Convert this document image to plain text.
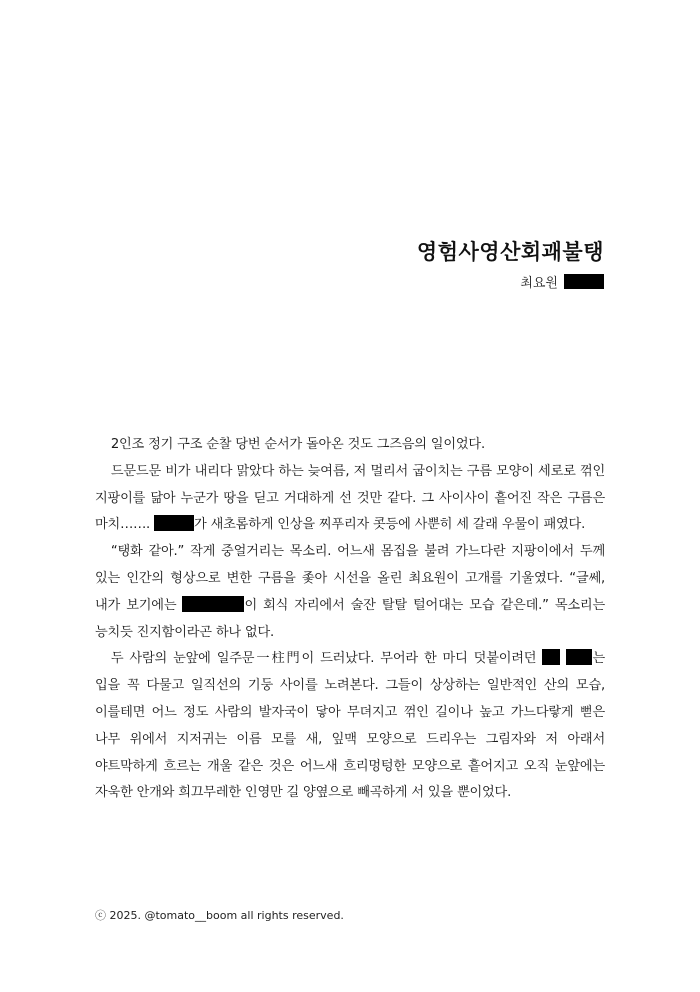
영험사영산회괘불탱
최요원

2인조 정기 구조 순찰 당번 순서가 돌아온 것도 그즈음의 일이었다.

드문드문 비가 내리다 맑았다 하는 늦여름, 저 멀리서 굽이치는 구름 모양이 세로로 꺾인 지팡이를 닮아 누군가 땅을 딛고 거대하게 선 것만 같다. 그 사이사이 흩어진 작은 구름은 마치…….	가 새초롬하게 인상을 찌푸리자 콧등에 사뿐히 세 갈래 우물이 패였다.

“탱화 같아.” 작게 중얼거리는 목소리. 어느새 몸집을 불려 가느다란 지팡이에서 두께 있는 인간의 형상으로 변한 구름을 좇아 시선을 올린 최요원이 고개를 기울였다. “글쎄, 내가 보기에는	이 회식 자리에서 술잔 탈탈 털어대는 모습 같은데.” 목소리는 능치듯 진지함이라곤 하나 없다.

두 사람의 눈앞에 일주문一柱門이 드러났다. 무어라 한 마디 덧붙이려던	는 입을 꼭 다물고 일직선의 기둥 사이를 노려본다. 그들이 상상하는 일반적인 산의 모습, 이를테면 어느 정도 사람의 발자국이 닿아 무뎌지고 꺾인 길이나 높고 가느다랗게 뻗은 나무 위에서 지저귀는 이름 모를 새, 잎맥 모양으로 드리우는 그림자와 저 아래서 야트막하게 흐르는 개울 같은 것은 어느새 흐리멍텅한 모양으로 흩어지고 오직 눈앞에는 자욱한 안개와 희끄무레한 인영만 길 양옆으로 빼곡하게 서 있을 뿐이었다.

ⓒ 2025. @tomato__boom all rights reserved.
